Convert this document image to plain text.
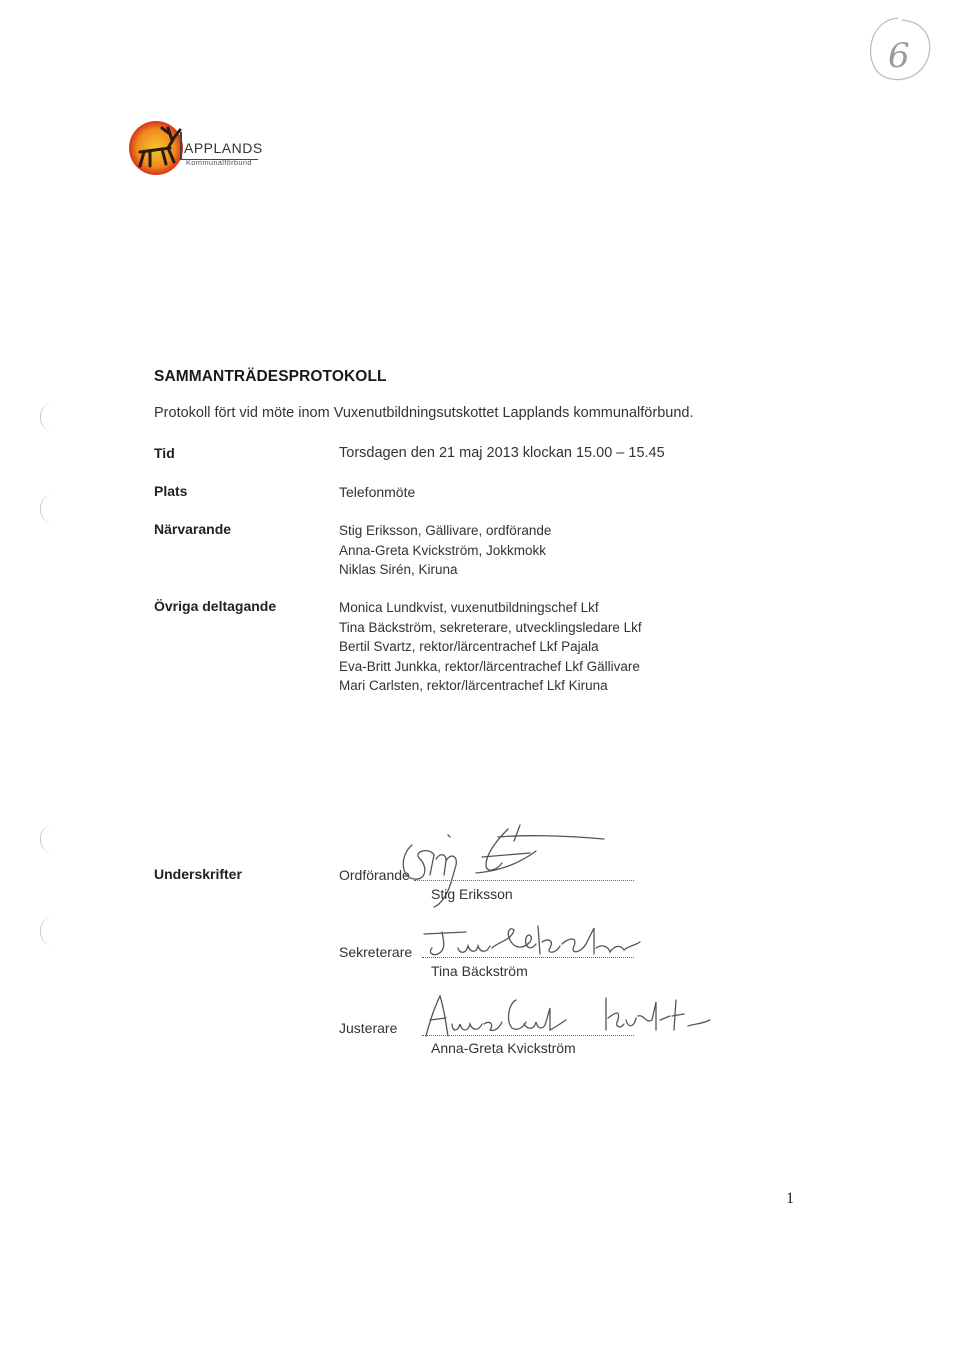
6
APPLANDS
Kommunalförbund
SAMMANTRÄDESPROTOKOLL
Protokoll fört vid möte inom Vuxenutbildningsutskottet Lapplands kommunalförbund.
Tid	Torsdagen den 21 maj 2013 klockan 15.00 – 15.45
Plats	Telefonmöte
Närvarande	Stig Eriksson, Gällivare, ordförande
Anna-Greta Kvickström, Jokkmokk
Niklas Sirén, Kiruna
Övriga deltagande	Monica Lundkvist, vuxenutbildningschef Lkf
Tina Bäckström, sekreterare, utvecklingsledare Lkf
Bertil Svartz, rektor/lärcentrachef Lkf Pajala
Eva-Britt Junkka, rektor/lärcentrachef Lkf Gällivare
Mari Carlsten, rektor/lärcentrachef Lkf Kiruna
Underskrifter	Ordförande
Stig Eriksson
Sekreterare
Tina Bäckström
Justerare
Anna-Greta Kvickström
1
